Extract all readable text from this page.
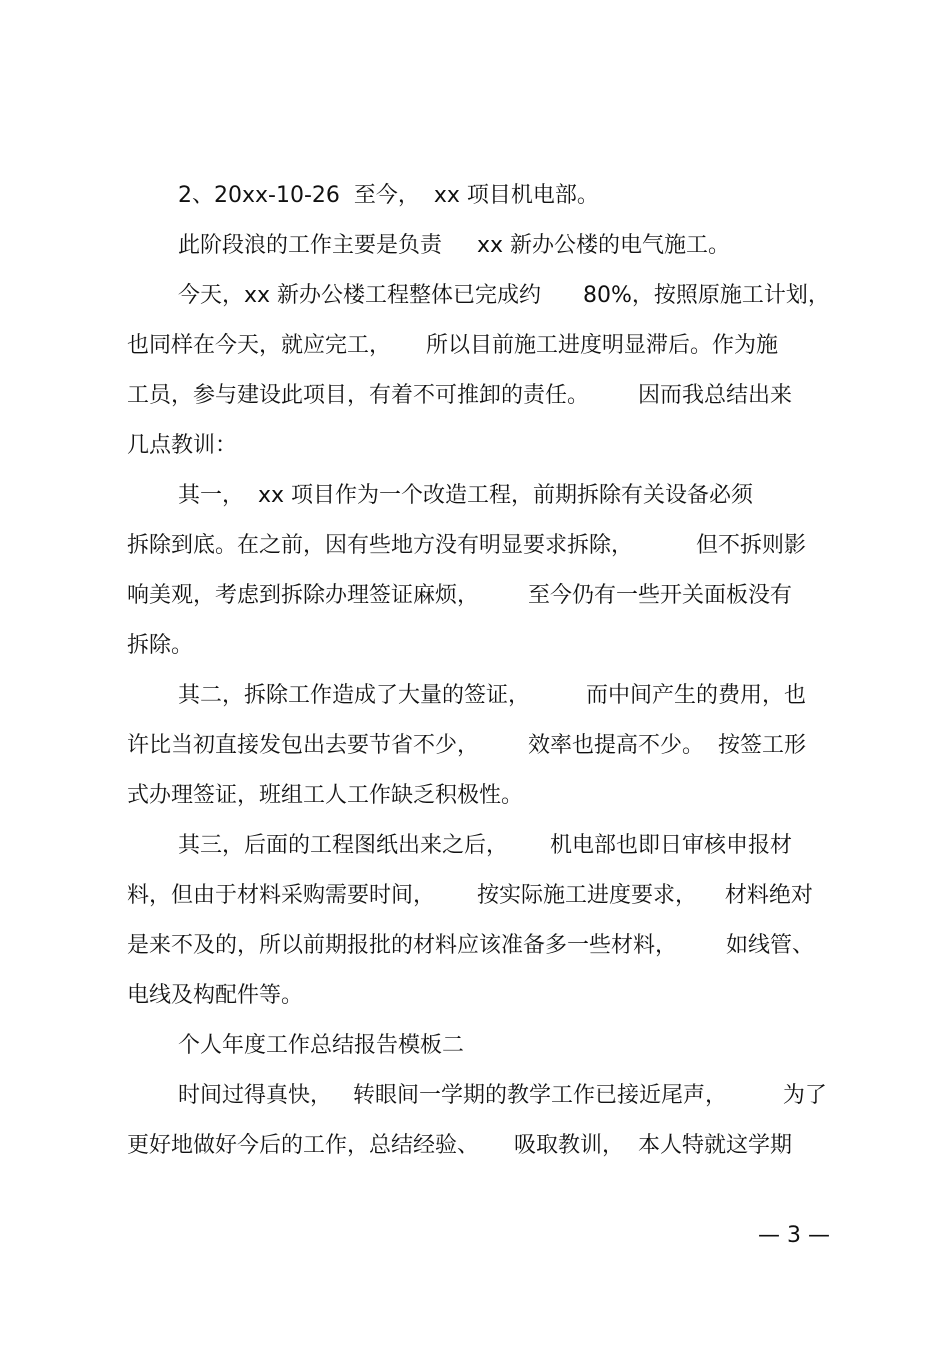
2、20xx-10-26  至今，  xx 项目机电部。
此阶段浪的工作主要是负责     xx 新办公楼的电气施工。
今天，xx 新办公楼工程整体已完成约      80%，按照原施工计划，
也同样在今天，就应完工，     所以目前施工进度明显滞后。作为施
工员，参与建设此项目，有着不可推卸的责任。       因而我总结出来
几点教训：
其一，  xx 项目作为一个改造工程，前期拆除有关设备必须
拆除到底。在之前，因有些地方没有明显要求拆除，         但不拆则影
响美观，考虑到拆除办理签证麻烦，       至今仍有一些开关面板没有
拆除。
其二，拆除工作造成了大量的签证，        而中间产生的费用，也
许比当初直接发包出去要节省不少，       效率也提高不少。  按签工形
式办理签证，班组工人工作缺乏积极性。
其三，后面的工程图纸出来之后，      机电部也即日审核申报材
料，但由于材料采购需要时间，      按实际施工进度要求，    材料绝对
是来不及的，所以前期报批的材料应该准备多一些材料，       如线管、
电线及构配件等。
个人年度工作总结报告模板二
时间过得真快，   转眼间一学期的教学工作已接近尾声，        为了
更好地做好今后的工作，总结经验、     吸取教训，  本人特就这学期
— 3 —
